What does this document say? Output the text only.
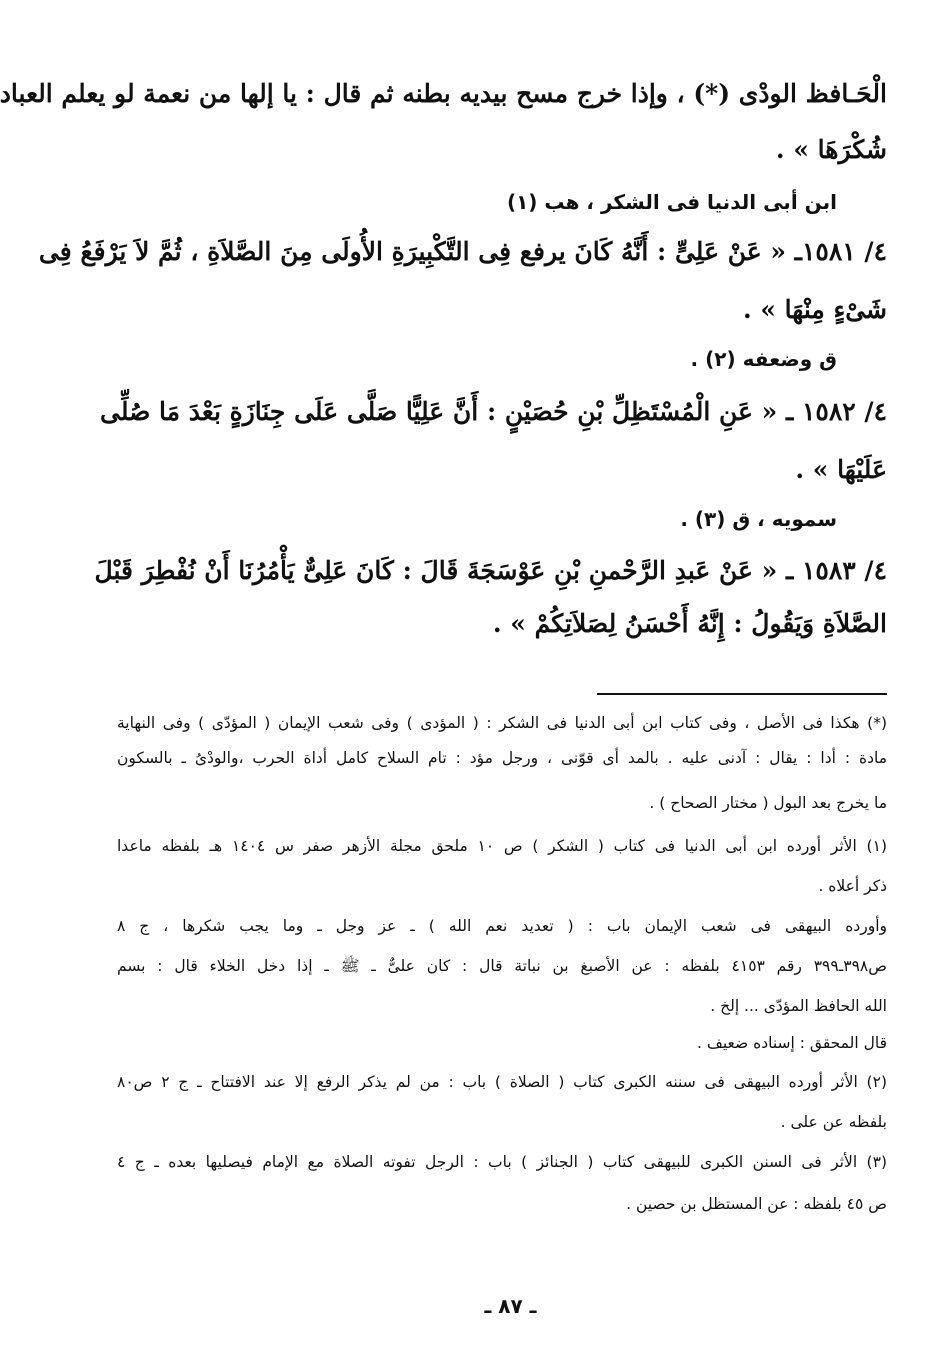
الْحَـافظ الودْى (*) ، وإذا خرج مسح بيديه بطنه ثم قال : يا إلها من نعمة لو يعلم العباد
شُكْرَهَا » .
ابن أبى الدنيا فى الشكر ، هب (١)
٤/ ١٥٨١ـ « عَنْ عَلِىٍّ : أَنَّهُ كَانَ يرفع فِى التَّكْبِيرَةِ الأُولَى مِنَ الصَّلاَةِ ، ثُمَّ لاَ يَرْفَعُ فِى
شَىْءٍ مِنْهَا » .
ق وضعفه (٢) .
٤/ ١٥٨٢ ـ « عَنِ الْمُسْتَظِلِّ بْنِ حُصَيْنٍ : أَنَّ عَلِيًّا صَلَّى عَلَى جِنَازَةٍ بَعْدَ مَا صُلِّى
عَلَيْهَا » .
سمويه ، ق (٣) .
٤/ ١٥٨٣ ـ « عَنْ عَبدِ الرَّحْمنِ بْنِ عَوْسَجَةَ قَالَ : كَانَ عَلِىٌّ يَأْمُرُنَا أَنْ نُفْطِرَ قَبْلَ
الصَّلاَةِ وَيَقُولُ : إِنَّهُ أَحْسَنُ لِصَلاَتِكُمْ » .
(*) هكذا فى الأصل ، وفى كتاب ابن أبى الدنيا فى الشكر : ( المؤدى ) وفى شعب الإيمان ( المؤدّى ) وفى النهاية
مادة : أدا : يقال : آدنى عليه . بالمد أى قوّنى ، ورجل مؤد : تام السلاح كامل أداة الحرب ،والودْىُ ـ بالسكون
ما يخرج بعد البول ( مختار الصحاح ) .
(١) الأثر أورده ابن أبى الدنيا فى كتاب ( الشكر ) ص ١٠ ملحق مجلة الأزهر صفر س ١٤٠٤ هـ بلفظه ماعدا
ذكر أعلاه .
وأورده البيهقى فى شعب الإيمان باب : ( تعديد نعم الله ) ـ عز وجل ـ وما يجب شكرها ، ج ٨
ص٣٩٨ـ٣٩٩ رقم ٤١٥٣ بلفظه : عن الأصبغ بن نباتة قال : كان علىٌّ ـ ﷺ ـ إذا دخل الخلاء قال : بسم
الله الحافظ المؤدّى ... إلخ .
قال المحقق : إسناده ضعيف .
(٢) الأثر أورده البيهقى فى سننه الكبرى كتاب ( الصلاة ) باب : من لم يذكر الرفع إلا عند الافتتاح ـ ج ٢ ص٨٠
بلفظه عن على .
(٣) الأثر فى السنن الكبرى للبيهقى كتاب ( الجنائز ) باب : الرجل تفوته الصلاة مع الإمام فيصليها بعده ـ ج ٤
ص ٤٥ بلفظه : عن المستظل بن حصين .
ـ ٨٧ ـ
